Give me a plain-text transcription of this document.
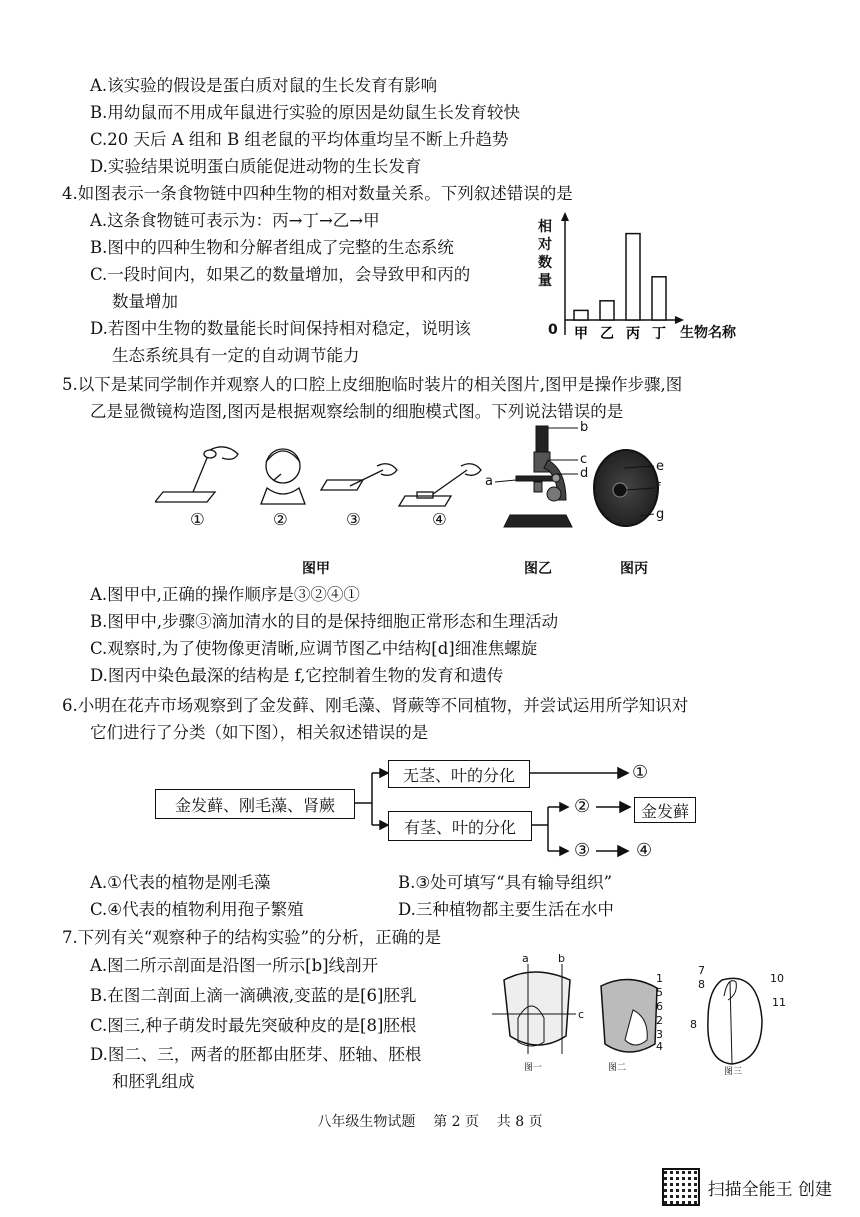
A.该实验的假设是蛋白质对鼠的生长发育有影响
B.用幼鼠而不用成年鼠进行实验的原因是幼鼠生长发育较快
C.20 天后 A 组和 B 组老鼠的平均体重均呈不断上升趋势
D.实验结果说明蛋白质能促进动物的生长发育
4.如图表示一条食物链中四种生物的相对数量关系。下列叙述错误的是
A.这条食物链可表示为：丙→丁→乙→甲
B.图中的四种生物和分解者组成了完整的生态系统
C.一段时间内，如果乙的数量增加，会导致甲和丙的
数量增加
D.若图中生物的数量能长时间保持相对稳定，说明该
生态系统具有一定的自动调节能力
甲 乙 丙 丁
相对数量
0	生物名称
5.以下是某同学制作并观察人的口腔上皮细胞临时装片的相关图片,图甲是操作步骤,图
乙是显微镜构造图,图丙是根据观察绘制的细胞模式图。下列说法错误的是
①	②	③	④
a
b
c
d	e
f
g
图甲	图乙	图丙
A.图甲中,正确的操作顺序是③②④①
B.图甲中,步骤③滴加清水的目的是保持细胞正常形态和生理活动
C.观察时,为了使物像更清晰,应调节图乙中结构[d]细准焦螺旋
D.图丙中染色最深的结构是 f,它控制着生物的发育和遗传
6.小明在花卉市场观察到了金发藓、刚毛藻、肾蕨等不同植物，并尝试运用所学知识对
它们进行了分类（如下图），相关叙述错误的是
金发藓、刚毛藻、肾蕨
无茎、叶的分化
有茎、叶的分化
①
②	金发藓
③	④
A.①代表的植物是刚毛藻	B.③处可填写“具有输导组织”
C.④代表的植物利用孢子繁殖	D.三种植物都主要生活在水中
7.下列有关“观察种子的结构实验”的分析，正确的是
A.图二所示剖面是沿图一所示[b]线剖开
B.在图二剖面上滴一滴碘液,变蓝的是[6]胚乳
C.图三,种子萌发时最先突破种皮的是[8]胚根
D.图二、三，两者的胚都由胚芽、胚轴、胚根
和胚乳组成
a	b
c
1
5
6
2
3
4
7
8	10
11
8
图一	图二	图三
八年级生物试题    第 2 页    共 8 页
扫描全能王 创建
